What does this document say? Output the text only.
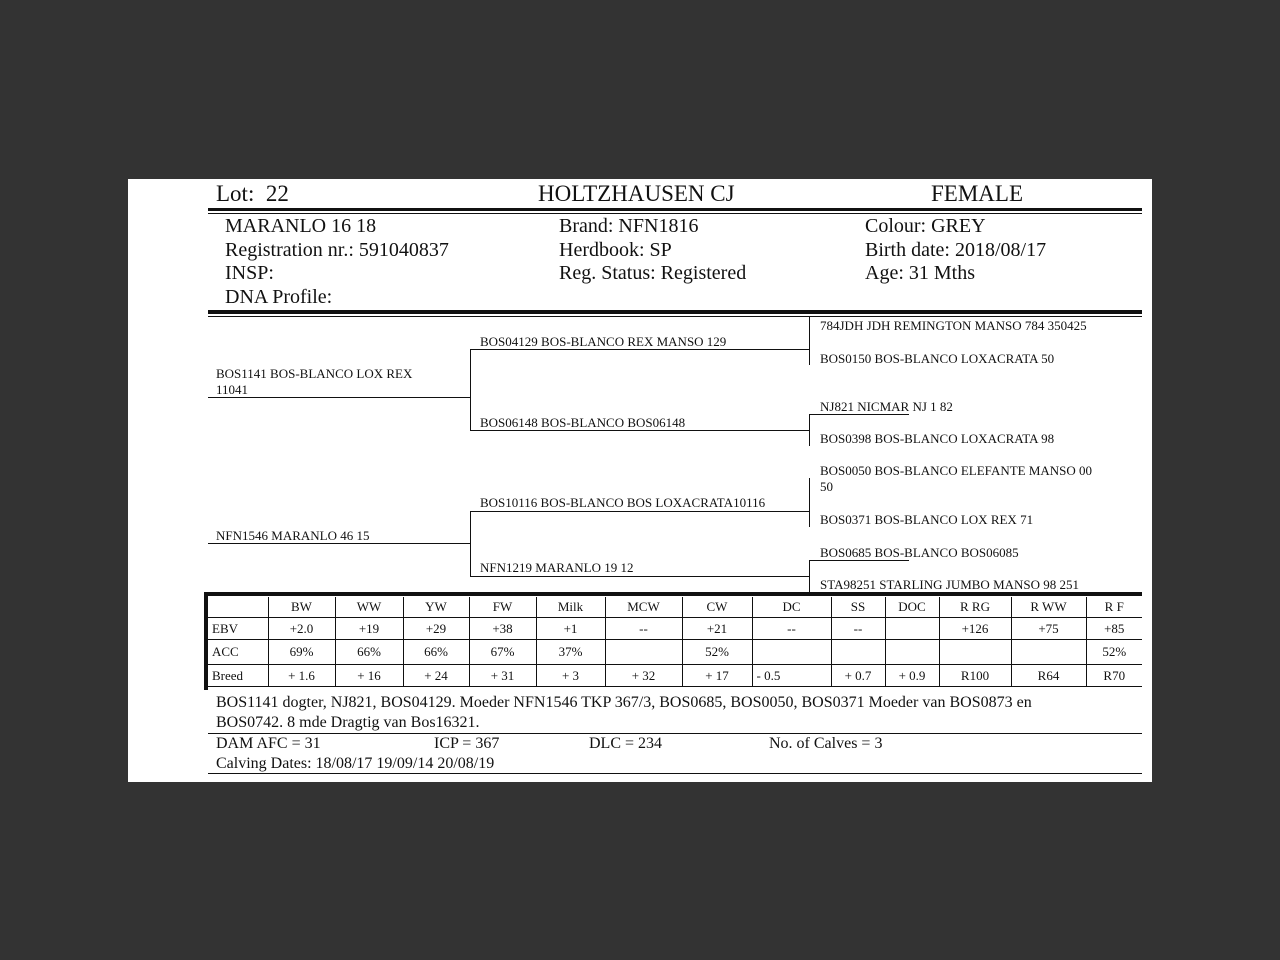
Lot: 22	HOLTZHAUSEN CJ	FEMALE
MARANLO 16 18
Registration nr.: 591040837
INSP:
DNA Profile:
Brand: NFN1816
Herdbook: SP
Reg. Status: Registered
Colour: GREY
Birth date: 2018/08/17
Age: 31 Mths
BOS1141 BOS-BLANCO LOX REX
11041
NFN1546 MARANLO 46 15
BOS04129 BOS-BLANCO REX MANSO 129
BOS06148 BOS-BLANCO BOS06148
BOS10116 BOS-BLANCO BOS LOXACRATA10116
NFN1219 MARANLO 19 12
784JDH JDH REMINGTON MANSO 784 350425
BOS0150 BOS-BLANCO LOXACRATA 50
NJ821 NICMAR NJ 1 82
BOS0398 BOS-BLANCO LOXACRATA 98
BOS0050 BOS-BLANCO ELEFANTE MANSO 00
50
BOS0371 BOS-BLANCO LOX REX 71
BOS0685 BOS-BLANCO BOS06085
STA98251 STARLING JUMBO MANSO 98 251
	BW	WW	YW	FW	Milk	MCW	CW	DC	SS	DOC	R RG	R WW	R F
EBV	+2.0	+19	+29	+38	+1	--	+21	--	--		+126	+75	+85
ACC	69%	66%	66%	67%	37%		52%						52%
Breed	+ 1.6	+ 16	+ 24	+ 31	+ 3	+ 32	+ 17	- 0.5	+ 0.7	+ 0.9	R100	R64	R70
BOS1141 dogter, NJ821, BOS04129. Moeder NFN1546 TKP 367/3, BOS0685, BOS0050, BOS0371 Moeder van BOS0873 en
BOS0742. 8 mde Dragtig van Bos16321.
DAM AFC = 31	ICP = 367	DLC = 234	No. of Calves = 3
Calving Dates: 18/08/17 19/09/14 20/08/19
